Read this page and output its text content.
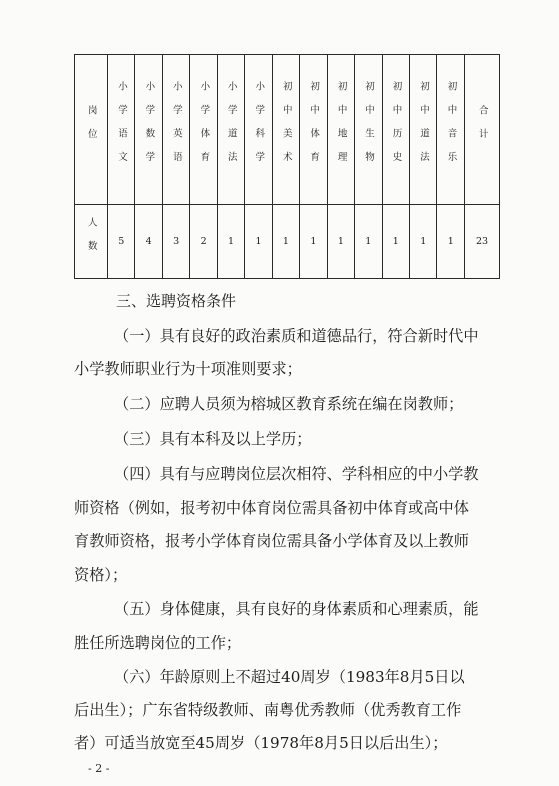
岗位	小学语文	小学数学	小学英语	小学体育	小学道法	小学科学	初中美术	初中体育	初中地理	初中生物	初中历史	初中道法	初中音乐	合计
人数	5	4	3	2	1	1	1	1	1	1	1	1	1	23
三、选聘资格条件
（一）具有良好的政治素质和道德品行，符合新时代中
小学教师职业行为十项准则要求；
（二）应聘人员须为榕城区教育系统在编在岗教师；
（三）具有本科及以上学历；
（四）具有与应聘岗位层次相符、学科相应的中小学教
师资格（例如，报考初中体育岗位需具备初中体育或高中体
育教师资格，报考小学体育岗位需具备小学体育及以上教师
资格）；
（五）身体健康，具有良好的身体素质和心理素质，能
胜任所选聘岗位的工作；
（六）年龄原则上不超过40周岁（1983年8月5日以
后出生）；广东省特级教师、南粤优秀教师（优秀教育工作
者）可适当放宽至45周岁（1978年8月5日以后出生）；
- 2 -
